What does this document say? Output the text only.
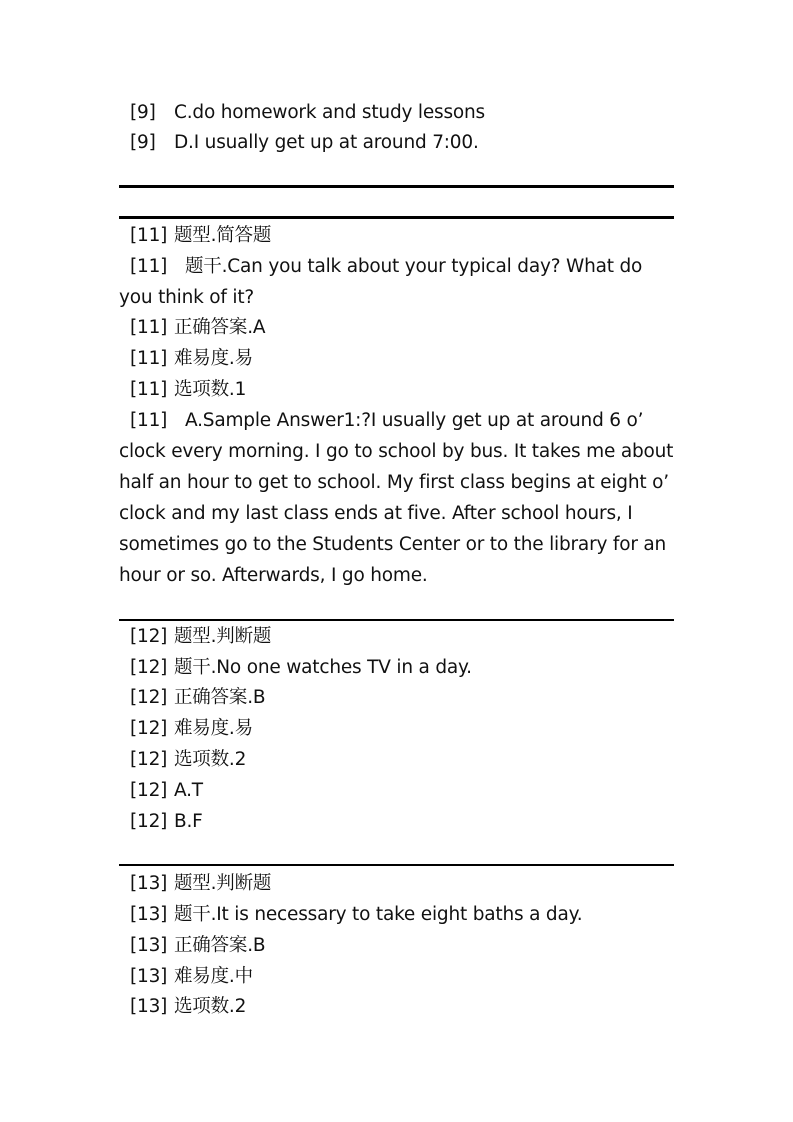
[9] C.do homework and study lessons
[9] D.I usually get up at around 7:00.
[11] 题型.简答题
[11] 题干.Can you talk about your typical day? What do you think of it?
[11] 正确答案.A
[11] 难易度.易
[11] 选项数.1
[11] A.Sample Answer1:?I usually get up at around 6 o’ clock every morning. I go to school by bus. It takes me about half an hour to get to school. My first class begins at eight o’ clock and my last class ends at five. After school hours, I sometimes go to the Students Center or to the library for an hour or so. Afterwards, I go home.
[12] 题型.判断题
[12] 题干.No one watches TV in a day.
[12] 正确答案.B
[12] 难易度.易
[12] 选项数.2
[12] A.T
[12] B.F
[13] 题型.判断题
[13] 题干.It is necessary to take eight baths a day.
[13] 正确答案.B
[13] 难易度.中
[13] 选项数.2
